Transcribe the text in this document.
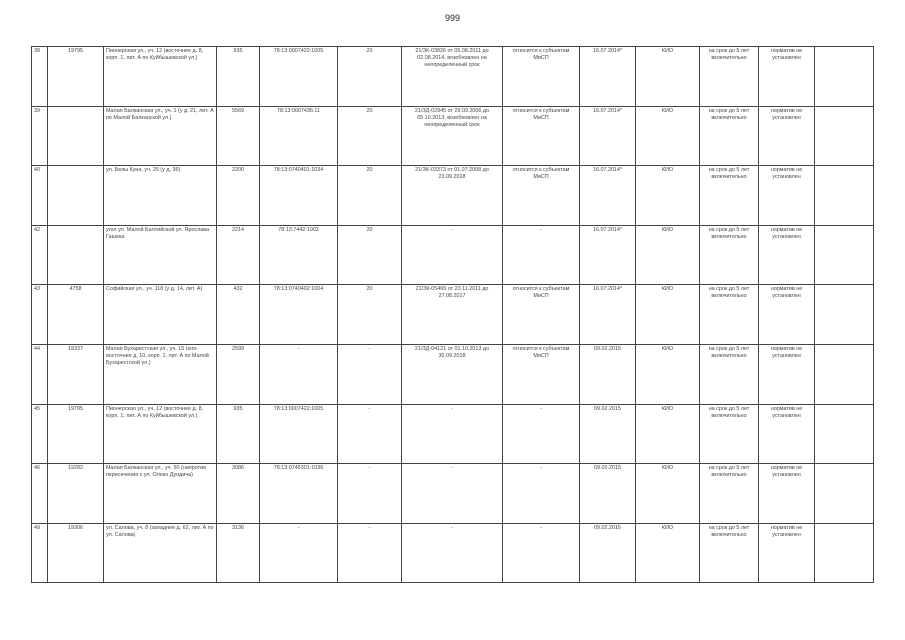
999
38	19795	Пионерская ул., уч. 12 (восточнее д. 8, корп. 1, лит. А по Куйбышевской ул.)	935	78:13:0007422:1005	20	21/ЗК-03826 от 05.08.2011 до 02.08.2014, возобновлен на неопределенный срок	относится к субъектам МиСП	16.07.2014*	КИО	на срок до 5 лет включительно	норматив не установлен	
39		Малая Балканская ул., уч. 1 (у д. 21, лит. А по Малой Балканской ул.)	5569	78:13:0007436:11	20	21/ЗД-02945 от 29.09.2006 до 05.10.2013, возобновлен на неопределенный срок	относится к субъектам МиСП	16.07.2014*	КИО	на срок до 5 лет включительно	норматив не установлен	
40		ул. Белы Куна, уч. 25 (у д. 36)	2200	78:13:0740401:1034	20	21/ЗК-03373 от 01.07.2008 до 23.09.2018	относится к субъектам МиСП	16.07.2014*	КИО	на срок до 5 лет включительно	норматив не установлен	
42		угол ул. Малой Балтийской ул. Ярослава Гашека	2214	78:13:7442:1003	20	-	-	16.07.2014*	КИО	на срок до 5 лет включительно	норматив не установлен	
43	4758	Софийская ул., уч. 118 (у д. 14, лит. А)	432	78:13:0740402:1004	20	21/ЗК-05465 от 23.11.2011 до 27.08.2017	относится к субъектам МиСП	16.07.2014*	КИО	на срок до 5 лет включительно	норматив не установлен	
44	19337	Малая Бухарестская ул., уч. 15 (юго-восточнее д. 10, корп. 1, лит. А по Малой Бухарестской ул.)	2599	-	-	21/ЗД-04121 от 01.10.2013 до 30.09.2018	относится к субъектам МиСП	09.02.2015	КИО	на срок до 5 лет включительно	норматив не установлен	
45	19795	Пионерская ул., уч. 12 (восточнее д. 8, корп. 1, лит. А по Куйбышевской ул.)	935	78:13:0007422:1005	-	-	-	09.02.2015	КИО	на срок до 5 лет включительно	норматив не установлен	
46	19282	Малая Балканская ул., уч. 50 (напротив пересечения с ул. Олеко Дундича)	3086	78:13:0745301:1036	-	-	-	09.02.2015	КИО	на срок до 5 лет включительно	норматив не установлен	
49	19306	ул. Салова, уч. 8 (западнее д. 62, лит. А по ул. Салова)	3136	-	-	-	-	09.02.2015	КИО	на срок до 5 лет включительно	норматив не установлен	
